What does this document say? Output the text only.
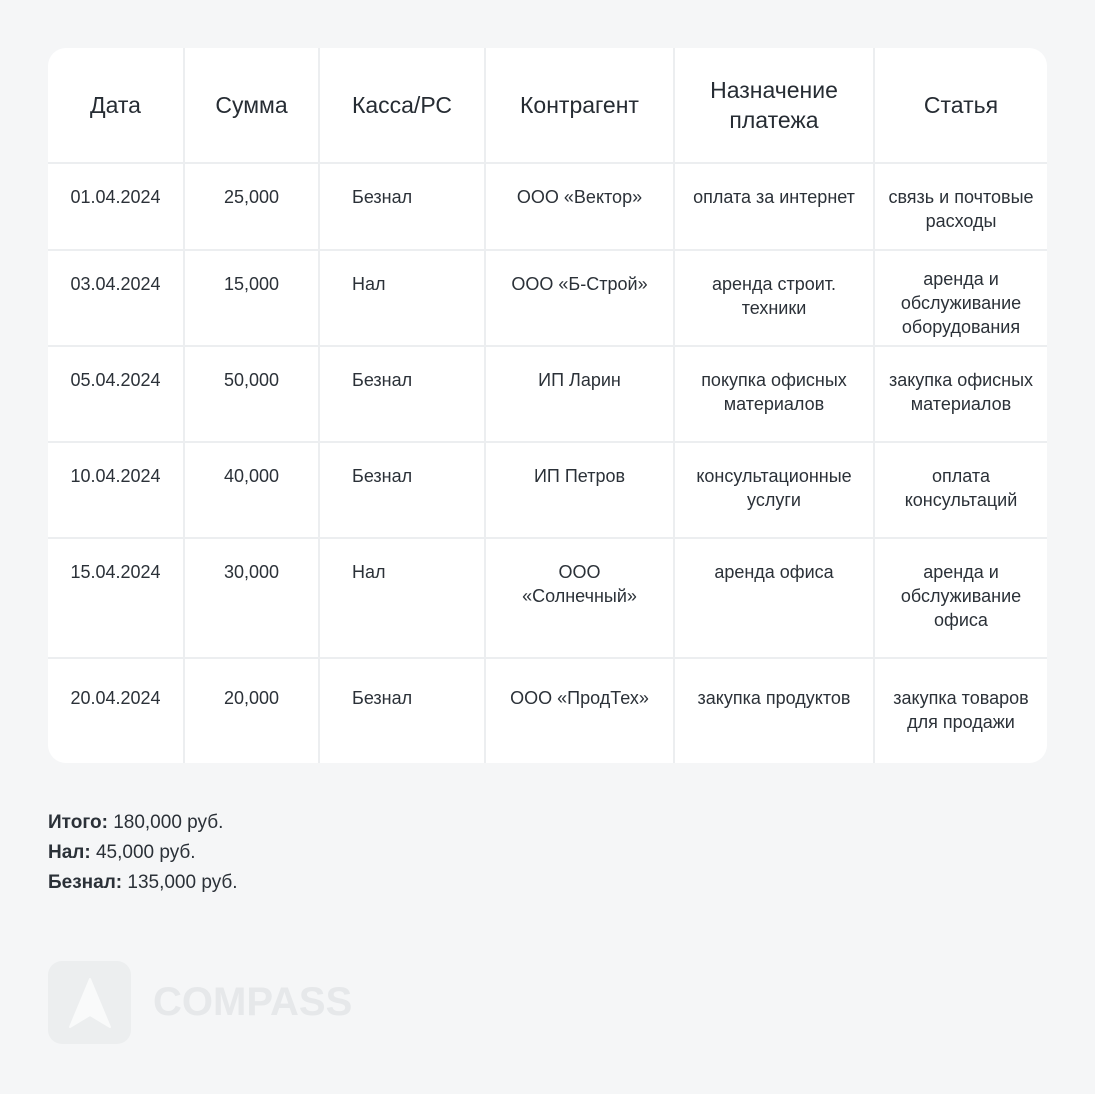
Дата	Сумма	Касса/РС	Контрагент	Назначение платежа	Статья
01.04.2024	25,000	Безнал	ООО «Вектор»	оплата за интернет	связь и почтовые расходы
03.04.2024	15,000	Нал	ООО «Б-Строй»	аренда строит. техники	аренда и обслуживание оборудования
05.04.2024	50,000	Безнал	ИП Ларин	покупка офисных материалов	закупка офисных материалов
10.04.2024	40,000	Безнал	ИП Петров	консультационные услуги	оплата консультаций
15.04.2024	30,000	Нал	ООО «Солнечный»	аренда офиса	аренда и обслуживание офиса
20.04.2024	20,000	Безнал	ООО «ПродТех»	закупка продуктов	закупка товаров для продажи
Итого: 180,000 руб.
Нал: 45,000 руб.
Безнал: 135,000 руб.
COMPASS
